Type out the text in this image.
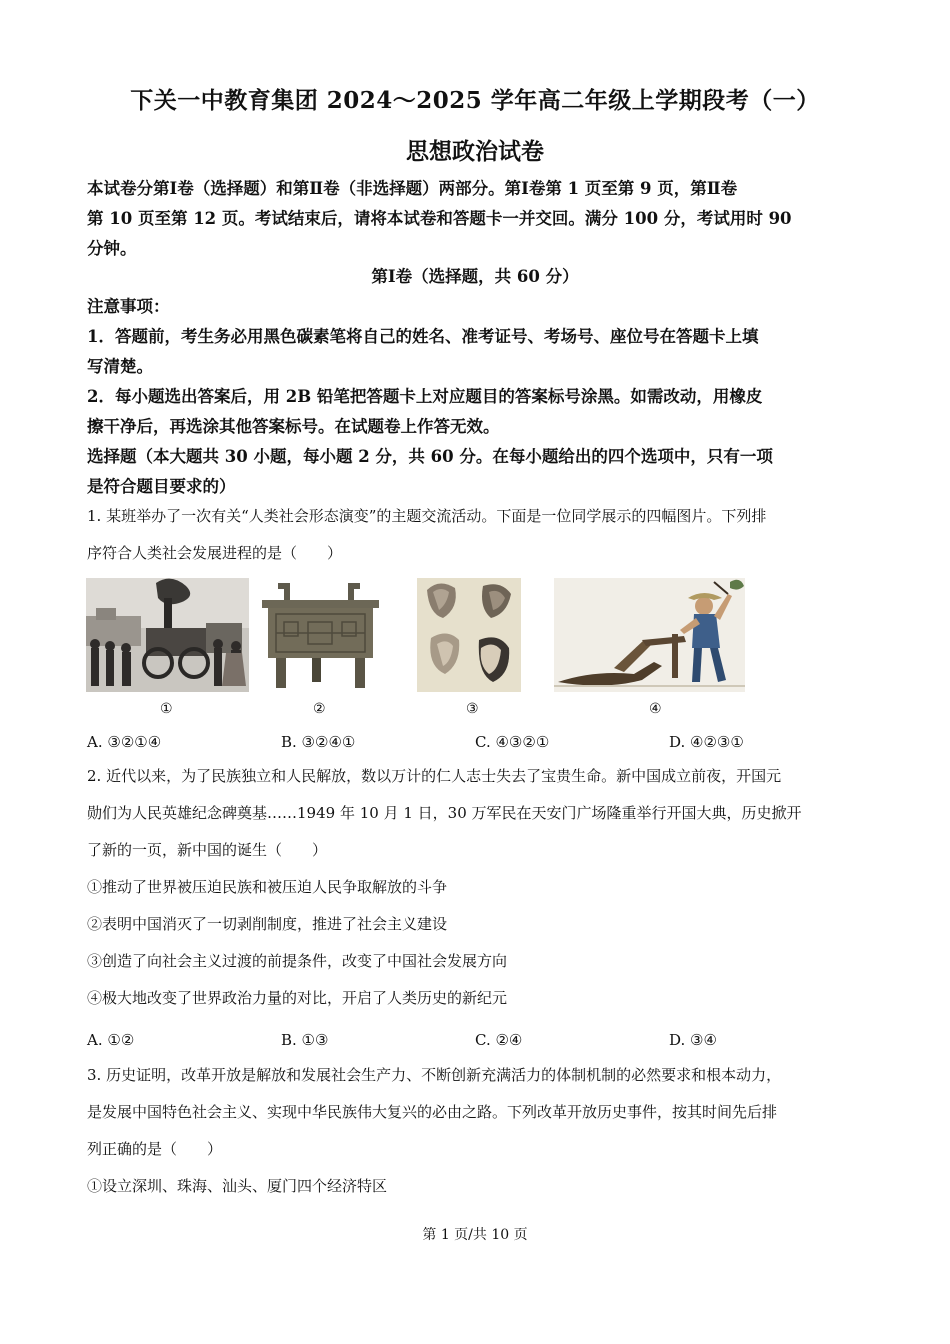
下关一中教育集团 2024～2025 学年高二年级上学期段考（一）
思想政治试卷
本试卷分第Ⅰ卷（选择题）和第Ⅱ卷（非选择题）两部分。第Ⅰ卷第 1 页至第 9 页，第Ⅱ卷
第 10 页至第 12 页。考试结束后，请将本试卷和答题卡一并交回。满分 100 分，考试用时 90
分钟。
第Ⅰ卷（选择题，共 60 分）
注意事项：
1．答题前，考生务必用黑色碳素笔将自己的姓名、准考证号、考场号、座位号在答题卡上填
写清楚。
2．每小题选出答案后，用 2B 铅笔把答题卡上对应题目的答案标号涂黑。如需改动，用橡皮
擦干净后，再选涂其他答案标号。在试题卷上作答无效。
选择题（本大题共 30 小题，每小题 2 分，共 60 分。在每小题给出的四个选项中，只有一项
是符合题目要求的）
1. 某班举办了一次有关“人类社会形态演变”的主题交流活动。下面是一位同学展示的四幅图片。下列排
序符合人类社会发展进程的是（　　）
①	②	③	④
A. ③②①④	B. ③②④①	C. ④③②①	D. ④②③①
2. 近代以来，为了民族独立和人民解放，数以万计的仁人志士失去了宝贵生命。新中国成立前夜，开国元
勋们为人民英雄纪念碑奠基……1949 年 10 月 1 日，30 万军民在天安门广场隆重举行开国大典，历史掀开
了新的一页，新中国的诞生（　　）
①推动了世界被压迫民族和被压迫人民争取解放的斗争
②表明中国消灭了一切剥削制度，推进了社会主义建设
③创造了向社会主义过渡的前提条件，改变了中国社会发展方向
④极大地改变了世界政治力量的对比，开启了人类历史的新纪元
A. ①②	B. ①③	C. ②④	D. ③④
3. 历史证明，改革开放是解放和发展社会生产力、不断创新充满活力的体制机制的必然要求和根本动力，
是发展中国特色社会主义、实现中华民族伟大复兴的必由之路。下列改革开放历史事件，按其时间先后排
列正确的是（　　）
①设立深圳、珠海、汕头、厦门四个经济特区
第 1 页/共 10 页
